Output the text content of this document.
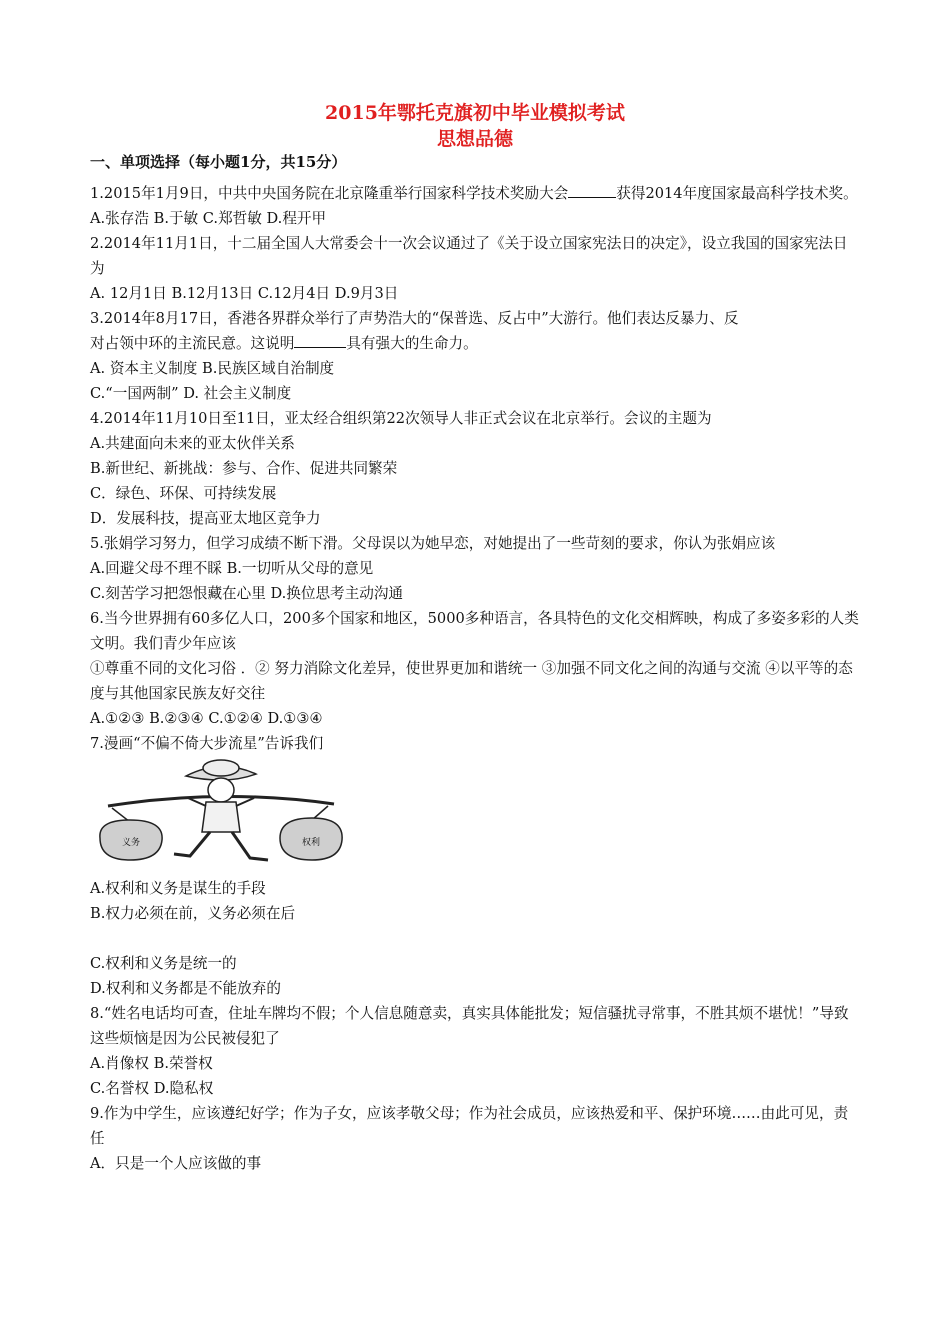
2015年鄂托克旗初中毕业模拟考试
思想品德
一、单项选择（每小题1分，共15分）
1.2015年1月9日，中共中央国务院在北京隆重举行国家科学技术奖励大会	获得2014年度国家最高科学技术奖。
A.张存浩 B.于敏 C.郑哲敏 D.程开甲
2.2014年11月1日，十二届全国人大常委会十一次会议通过了《关于设立国家宪法日的决定》，设立我国的国家宪法日为
A. 12月1日 B.12月13日 C.12月4日 D.9月3日
3.2014年8月17日，香港各界群众举行了声势浩大的“保普选、反占中”大游行。他们表达反暴力、反
对占领中环的主流民意。这说明	具有强大的生命力。
A. 资本主义制度 B.民族区域自治制度
C.“一国两制” D. 社会主义制度
4.2014年11月10日至11日，亚太经合组织第22次领导人非正式会议在北京举行。会议的主题为
A.共建面向未来的亚太伙伴关系
B.新世纪、新挑战：参与、合作、促进共同繁荣
C．绿色、环保、可持续发展
D．发展科技，提高亚太地区竞争力
5.张娟学习努力，但学习成绩不断下滑。父母误以为她早恋，对她提出了一些苛刻的要求，你认为张娟应该
A.回避父母不理不睬 B.一切听从父母的意见
C.刻苦学习把怨恨藏在心里 D.换位思考主动沟通
6.当今世界拥有60多亿人口，200多个国家和地区，5000多种语言，各具特色的文化交相辉映，构成了多姿多彩的人类文明。我们青少年应该
①尊重不同的文化习俗 ．② 努力消除文化差异，使世界更加和谐统一 ③加强不同文化之间的沟通与交流 ④以平等的态度与其他国家民族友好交往
A.①②③ B.②③④ C.①②④ D.①③④
7.漫画“不偏不倚大步流星”告诉我们
义务	权利
A.权利和义务是谋生的手段
B.权力必须在前，义务必须在后
C.权利和义务是统一的
D.权利和义务都是不能放弃的
8.“姓名电话均可查，住址车牌均不假；个人信息随意卖，真实具体能批发；短信骚扰寻常事，不胜其烦不堪忧！”导致这些烦恼是因为公民被侵犯了
A.肖像权 B.荣誉权
C.名誉权 D.隐私权
9.作为中学生，应该遵纪好学；作为子女，应该孝敬父母；作为社会成员，应该热爱和平、保护环境……由此可见，责任
A．只是一个人应该做的事
